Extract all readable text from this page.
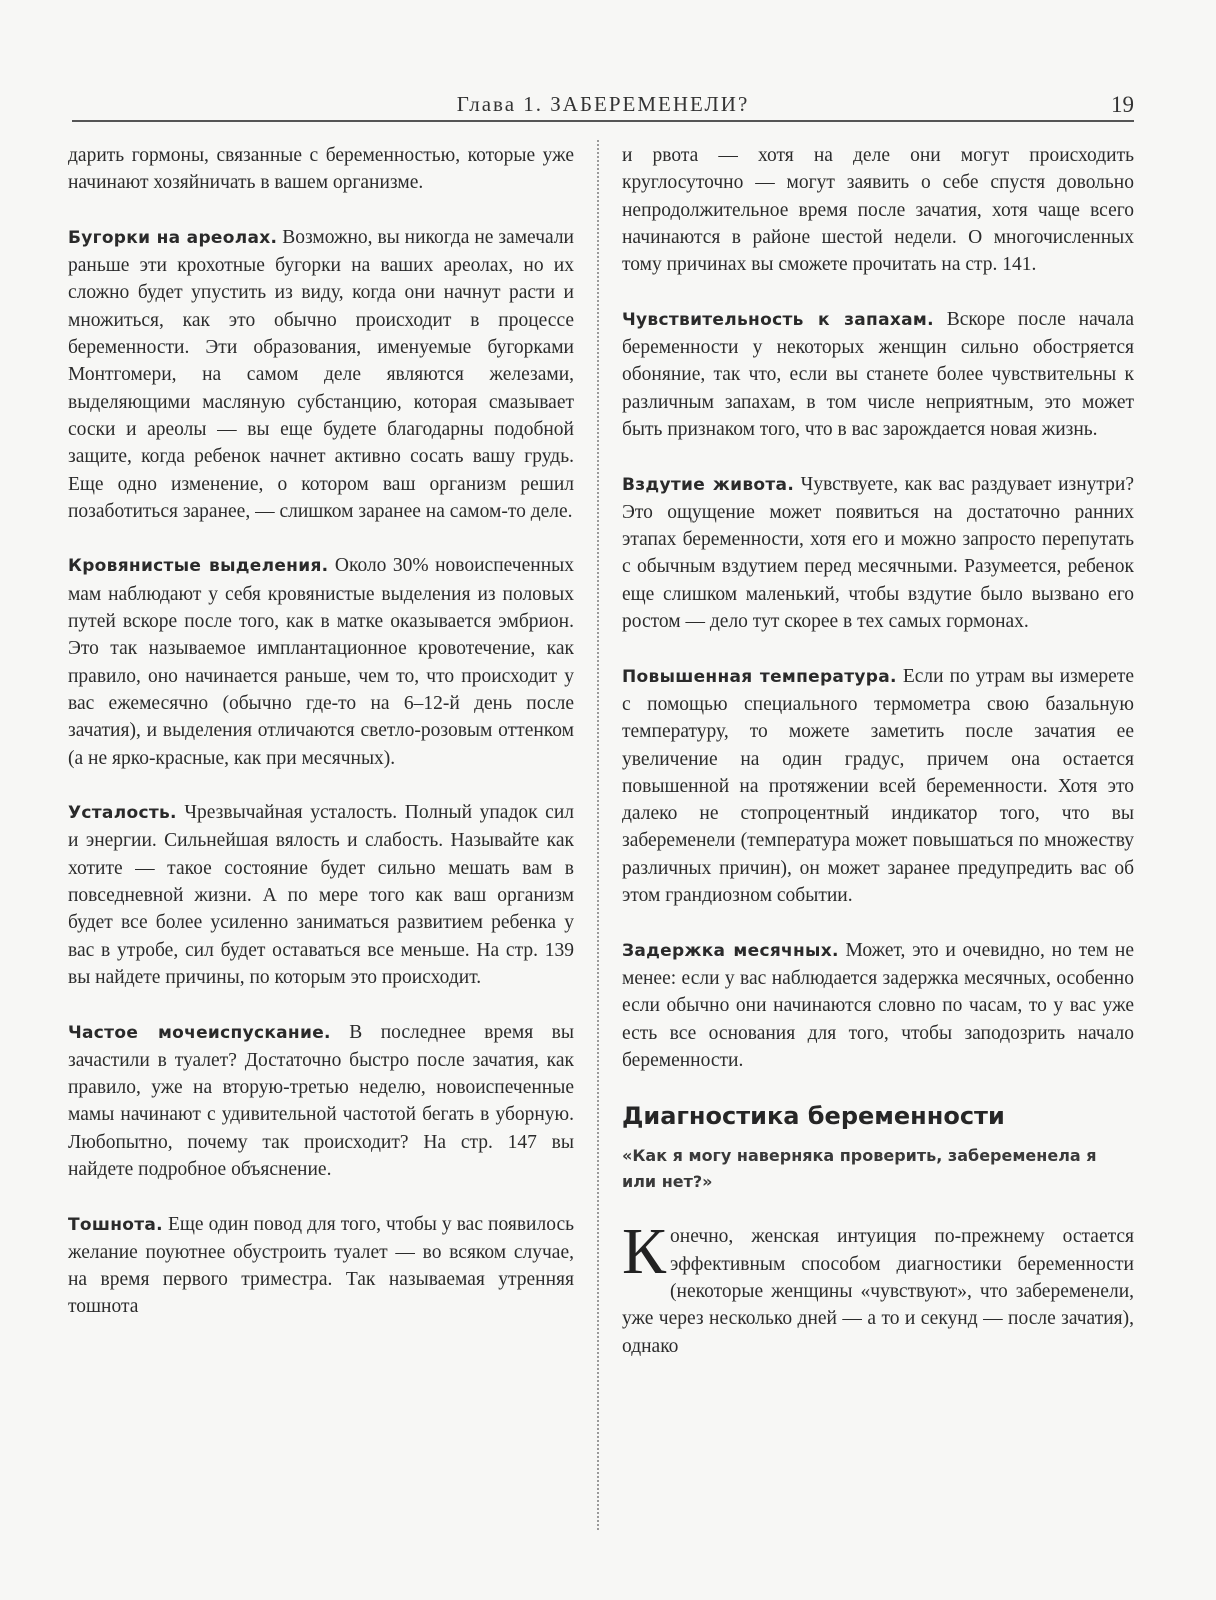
Глава 1. ЗАБЕРЕМЕНЕЛИ?	19

дарить гормоны, связанные с беременностью, которые уже начинают хозяйничать в вашем организме.

Бугорки на ареолах. Возможно, вы никогда не замечали раньше эти крохотные бугорки на ваших ареолах, но их сложно будет упустить из виду, когда они начнут расти и множиться, как это обычно происходит в процессе беременности. Эти образования, именуемые бугорками Монтгомери, на самом деле являются железами, выделяющими масляную субстанцию, которая смазывает соски и ареолы — вы еще будете благодарны подобной защите, когда ребенок начнет активно сосать вашу грудь. Еще одно изменение, о котором ваш организм решил позаботиться заранее, — слишком заранее на самом-то деле.

Кровянистые выделения. Около 30% новоиспеченных мам наблюдают у себя кровянистые выделения из половых путей вскоре после того, как в матке оказывается эмбрион. Это так называемое имплантационное кровотечение, как правило, оно начинается раньше, чем то, что происходит у вас ежемесячно (обычно где-то на 6–12-й день после зачатия), и выделения отличаются светло-розовым оттенком (а не ярко-красные, как при месячных).

Усталость. Чрезвычайная усталость. Полный упадок сил и энергии. Сильнейшая вялость и слабость. Называйте как хотите — такое состояние будет сильно мешать вам в повседневной жизни. А по мере того как ваш организм будет все более усиленно заниматься развитием ребенка у вас в утробе, сил будет оставаться все меньше. На стр. 139 вы найдете причины, по которым это происходит.

Частое мочеиспускание. В последнее время вы зачастили в туалет? Достаточно быстро после зачатия, как правило, уже на вторую-третью неделю, новоиспеченные мамы начинают с удивительной частотой бегать в уборную. Любопытно, почему так происходит? На стр. 147 вы найдете подробное объяснение.

Тошнота. Еще один повод для того, чтобы у вас появилось желание поуютнее обустроить туалет — во всяком случае, на время первого триместра. Так называемая утренняя тошнота

и рвота — хотя на деле они могут происходить круглосуточно — могут заявить о себе спустя довольно непродолжительное время после зачатия, хотя чаще всего начинаются в районе шестой недели. О многочисленных тому причинах вы сможете прочитать на стр. 141.

Чувствительность к запахам. Вскоре после начала беременности у некоторых женщин сильно обостряется обоняние, так что, если вы станете более чувствительны к различным запахам, в том числе неприятным, это может быть признаком того, что в вас зарождается новая жизнь.

Вздутие живота. Чувствуете, как вас раздувает изнутри? Это ощущение может появиться на достаточно ранних этапах беременности, хотя его и можно запросто перепутать с обычным вздутием перед месячными. Разумеется, ребенок еще слишком маленький, чтобы вздутие было вызвано его ростом — дело тут скорее в тех самых гормонах.

Повышенная температура. Если по утрам вы измерете с помощью специального термометра свою базальную температуру, то можете заметить после зачатия ее увеличение на один градус, причем она остается повышенной на протяжении всей беременности. Хотя это далеко не стопроцентный индикатор того, что вы забеременели (температура может повышаться по множеству различных причин), он может заранее предупредить вас об этом грандиозном событии.

Задержка месячных. Может, это и очевидно, но тем не менее: если у вас наблюдается задержка месячных, особенно если обычно они начинаются словно по часам, то у вас уже есть все основания для того, чтобы заподозрить начало беременности.

Диагностика беременности
«Как я могу наверняка проверить, забеременела я или нет?»

Конечно, женская интуиция по-прежнему остается эффективным способом диагностики беременности (некоторые женщины «чувствуют», что забеременели, уже через несколько дней — а то и секунд — после зачатия), однако
